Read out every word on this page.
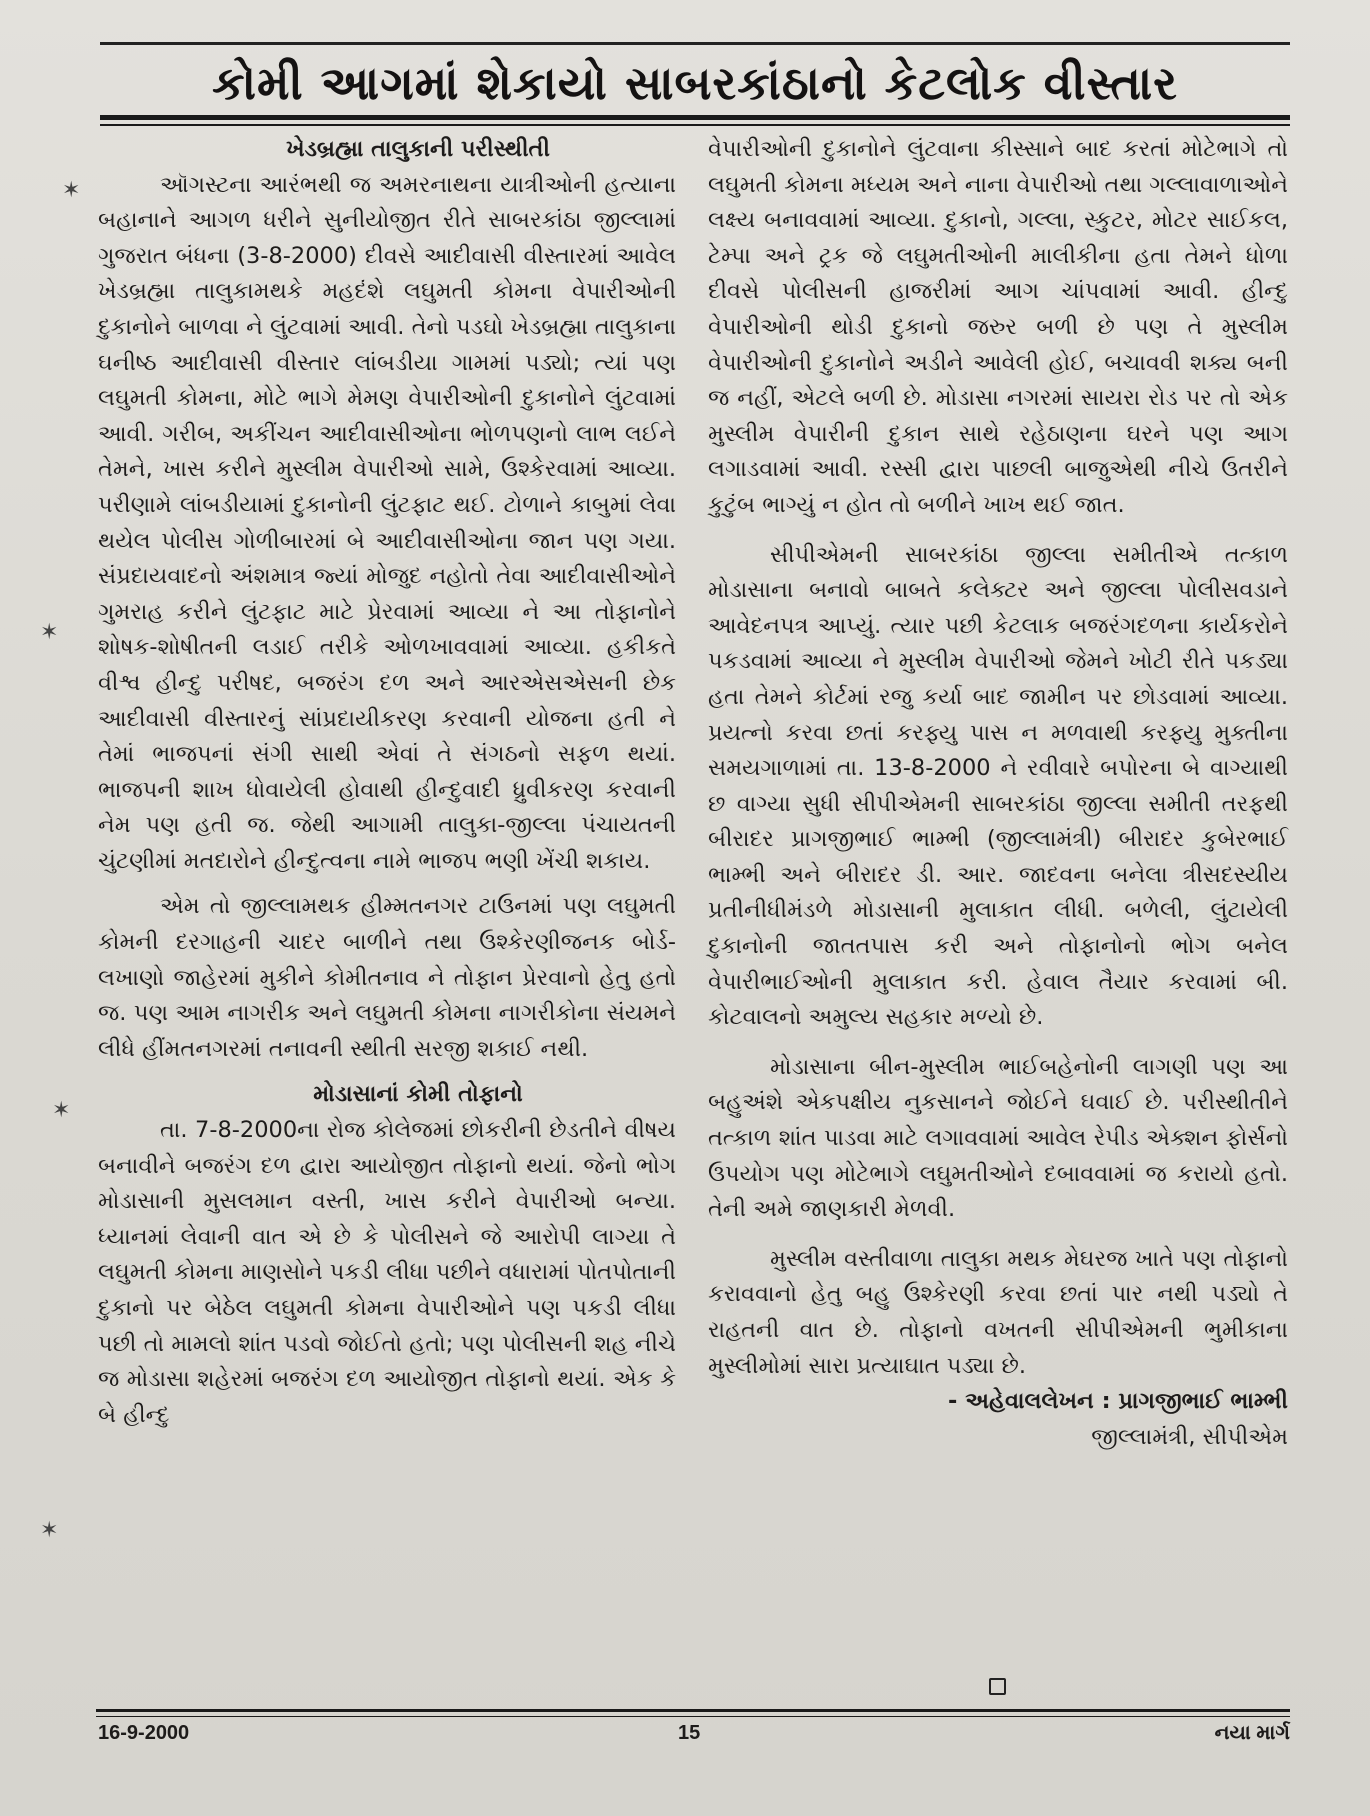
કોમી આગમાં શેકાયો સાબરકાંઠાનો કેટલોક વીસ્તાર

ખેડબ્રહ્મા તાલુકાની પરીસ્થીતી

ઑગસ્ટના આરંભથી જ અમરનાથના યાત્રીઓની હત્યાના બહાનાને આગળ ધરીને સુનીયોજીત રીતે સાબરકાંઠા જીલ્લામાં ગુજરાત બંધના (3-8-2000) દીવસે આદીવાસી વીસ્તારમાં આવેલ ખેડબ્રહ્મા તાલુકામથકે મહદંશે લઘુમતી કોમના વેપારીઓની દુકાનોને બાળવા ને લુંટવામાં આવી. તેનો પડઘો ખેડબ્રહ્મા તાલુકાના ઘનીષ્ઠ આદીવાસી વીસ્તાર લાંબડીયા ગામમાં પડ્યો; ત્યાં પણ લઘુમતી કોમના, મોટે ભાગે મેમણ વેપારીઓની દુકાનોને લુંટવામાં આવી. ગરીબ, અકીંચન આદીવાસીઓના ભોળપણનો લાભ લઈને તેમને, ખાસ કરીને મુસ્લીમ વેપારીઓ સામે, ઉશ્કેરવામાં આવ્યા. પરીણામે લાંબડીયામાં દુકાનોની લુંટફાટ થઈ. ટોળાને કાબુમાં લેવા થયેલ પોલીસ ગોળીબારમાં બે આદીવાસીઓના જાન પણ ગયા. સંપ્રદાયવાદનો અંશમાત્ર જ્યાં મોજુદ નહોતો તેવા આદીવાસીઓને ગુમરાહ કરીને લુંટફાટ માટે પ્રેરવામાં આવ્યા ને આ તોફાનોને શોષક-શોષીતની લડાઈ તરીકે ઓળખાવવામાં આવ્યા. હકીકતે વીશ્વ હીન્દુ પરીષદ, બજરંગ દળ અને આરએસએસની છેક આદીવાસી વીસ્તારનું સાંપ્રદાયીકરણ કરવાની યોજના હતી ને તેમાં ભાજપનાં સંગી સાથી એવાં તે સંગઠનો સફળ થયાં. ભાજપની શાખ ધોવાયેલી હોવાથી હીન્દુવાદી ધ્રુવીકરણ કરવાની નેમ પણ હતી જ. જેથી આગામી તાલુકા-જીલ્લા પંચાયતની ચુંટણીમાં મતદારોને હીન્દુત્વના નામે ભાજપ ભણી ખેંચી શકાય.

એમ તો જીલ્લામથક હીમ્મતનગર ટાઉનમાં પણ લઘુમતી કોમની દરગાહની ચાદર બાળીને તથા ઉશ્કેરણીજનક બોર્ડ-લખાણો જાહેરમાં મુકીને કોમીતનાવ ને તોફાન પ્રેરવાનો હેતુ હતો જ. પણ આમ નાગરીક અને લઘુમતી કોમના નાગરીકોના સંયમને લીધે હીંમતનગરમાં તનાવની સ્થીતી સરજી શકાઈ નથી.

મોડાસાનાં કોમી તોફાનો

તા. 7-8-2000ના રોજ કોલેજમાં છોકરીની છેડતીને વીષય બનાવીને બજરંગ દળ દ્વારા આયોજીત તોફાનો થયાં. જેનો ભોગ મોડાસાની મુસલમાન વસ્તી, ખાસ કરીને વેપારીઓ બન્યા. ધ્યાનમાં લેવાની વાત એ છે કે પોલીસને જે આરોપી લાગ્યા તે લઘુમતી કોમના માણસોને પકડી લીધા પછીને વધારામાં પોતપોતાની દુકાનો પર બેઠેલ લઘુમતી કોમના વેપારીઓને પણ પકડી લીધા પછી તો મામલો શાંત પડવો જોઈતો હતો; પણ પોલીસની શહ નીચે જ મોડાસા શહેરમાં બજરંગ દળ આયોજીત તોફાનો થયાં. એક કે બે હીન્દુ

વેપારીઓની દુકાનોને લુંટવાના કીસ્સાને બાદ કરતાં મોટેભાગે તો લઘુમતી કોમના મધ્યમ અને નાના વેપારીઓ તથા ગલ્લાવાળાઓને લક્ષ્ય બનાવવામાં આવ્યા. દુકાનો, ગલ્લા, સ્કુટર, મોટર સાઈકલ, ટેમ્પા અને ટ્રક જે લઘુમતીઓની માલીકીના હતા તેમને ધોળા દીવસે પોલીસની હાજરીમાં આગ ચાંપવામાં આવી. હીન્દુ વેપારીઓની થોડી દુકાનો જરુર બળી છે પણ તે મુસ્લીમ વેપારીઓની દુકાનોને અડીને આવેલી હોઈ, બચાવવી શક્ય બની જ નહીં, એટલે બળી છે. મોડાસા નગરમાં સાયરા રોડ પર તો એક મુસ્લીમ વેપારીની દુકાન સાથે રહેઠાણના ઘરને પણ આગ લગાડવામાં આવી. રસ્સી દ્વારા પાછલી બાજુએથી નીચે ઉતરીને કુટુંબ ભાગ્યું ન હોત તો બળીને ખાખ થઈ જાત.

સીપીએમની સાબરકાંઠા જીલ્લા સમીતીએ તત્કાળ મોડાસાના બનાવો બાબતે કલેક્ટર અને જીલ્લા પોલીસવડાને આવેદનપત્ર આપ્યું. ત્યાર પછી કેટલાક બજરંગદળના કાર્યકરોને પકડવામાં આવ્યા ને મુસ્લીમ વેપારીઓ જેમને ખોટી રીતે પકડ્યા હતા તેમને કોર્ટમાં રજુ કર્યા બાદ જામીન પર છોડવામાં આવ્યા. પ્રયત્નો કરવા છતાં કરફ્યુ પાસ ન મળવાથી કરફ્યુ મુક્તીના સમયગાળામાં તા. 13-8-2000 ને રવીવારે બપોરના બે વાગ્યાથી છ વાગ્યા સુધી સીપીએમની સાબરકાંઠા જીલ્લા સમીતી તરફથી બીરાદર પ્રાગજીભાઈ ભામ્ભી (જીલ્લામંત્રી) બીરાદર કુબેરભાઈ ભામ્ભી અને બીરાદર ડી. આર. જાદવના બનેલા ત્રીસદસ્યીય પ્રતીનીધીમંડળે મોડાસાની મુલાકાત લીધી. બળેલી, લુંટાયેલી દુકાનોની જાતતપાસ કરી અને તોફાનોનો ભોગ બનેલ વેપારીભાઈઓની મુલાકાત કરી. હેવાલ તૈયાર કરવામાં બી. કોટવાલનો અમુલ્ય સહકાર મળ્યો છે.

મોડાસાના બીન-મુસ્લીમ ભાઈબહેનોની લાગણી પણ આ બહુઅંશે એકપક્ષીય નુકસાનને જોઈને ઘવાઈ છે. પરીસ્થીતીને તત્કાળ શાંત પાડવા માટે લગાવવામાં આવેલ રેપીડ એક્શન ફોર્સનો ઉપયોગ પણ મોટેભાગે લઘુમતીઓને દબાવવામાં જ કરાયો હતો. તેની અમે જાણકારી મેળવી.

મુસ્લીમ વસ્તીવાળા તાલુકા મથક મેઘરજ ખાતે પણ તોફાનો કરાવવાનો હેતુ બહુ ઉશ્કેરણી કરવા છતાં પાર નથી પડ્યો તે રાહતની વાત છે. તોફાનો વખતની સીપીએમની ભુમીકાના મુસ્લીમોમાં સારા પ્રત્યાઘાત પડ્યા છે.

- અહેવાલલેખન : પ્રાગજીભાઈ ભામ્ભી

જીલ્લામંત્રી, સીપીએમ

✶
✶
✶
✶
16-9-2000	15	નયા માર્ગ
